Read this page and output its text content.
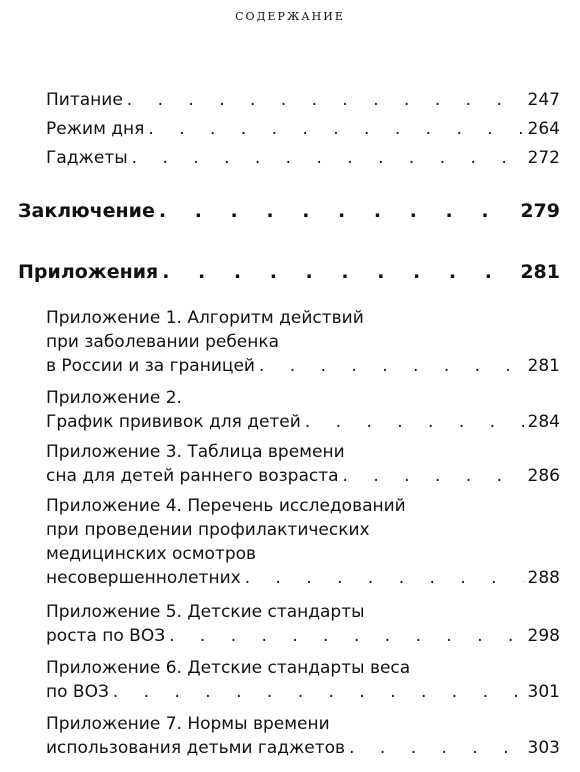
СОДЕРЖАНИЕ
Питание . . .	247
Режим дня . . .	264
Гаджеты . . .	272
Заключение . . .	279
Приложения . . .	281
Приложение 1. Алгоритм действий
при заболевании ребенка
в России и за границей . . .	281
Приложение 2.
График прививок для детей . . .	284
Приложение 3. Таблица времени
сна для детей раннего возраста . . .	286
Приложение 4. Перечень исследований
при проведении профилактических
медицинских осмотров
несовершеннолетних . . .	288
Приложение 5. Детские стандарты
роста по ВОЗ . . .	298
Приложение 6. Детские стандарты веса
по ВОЗ . . .	301
Приложение 7. Нормы времени
использования детьми гаджетов . . .	303
